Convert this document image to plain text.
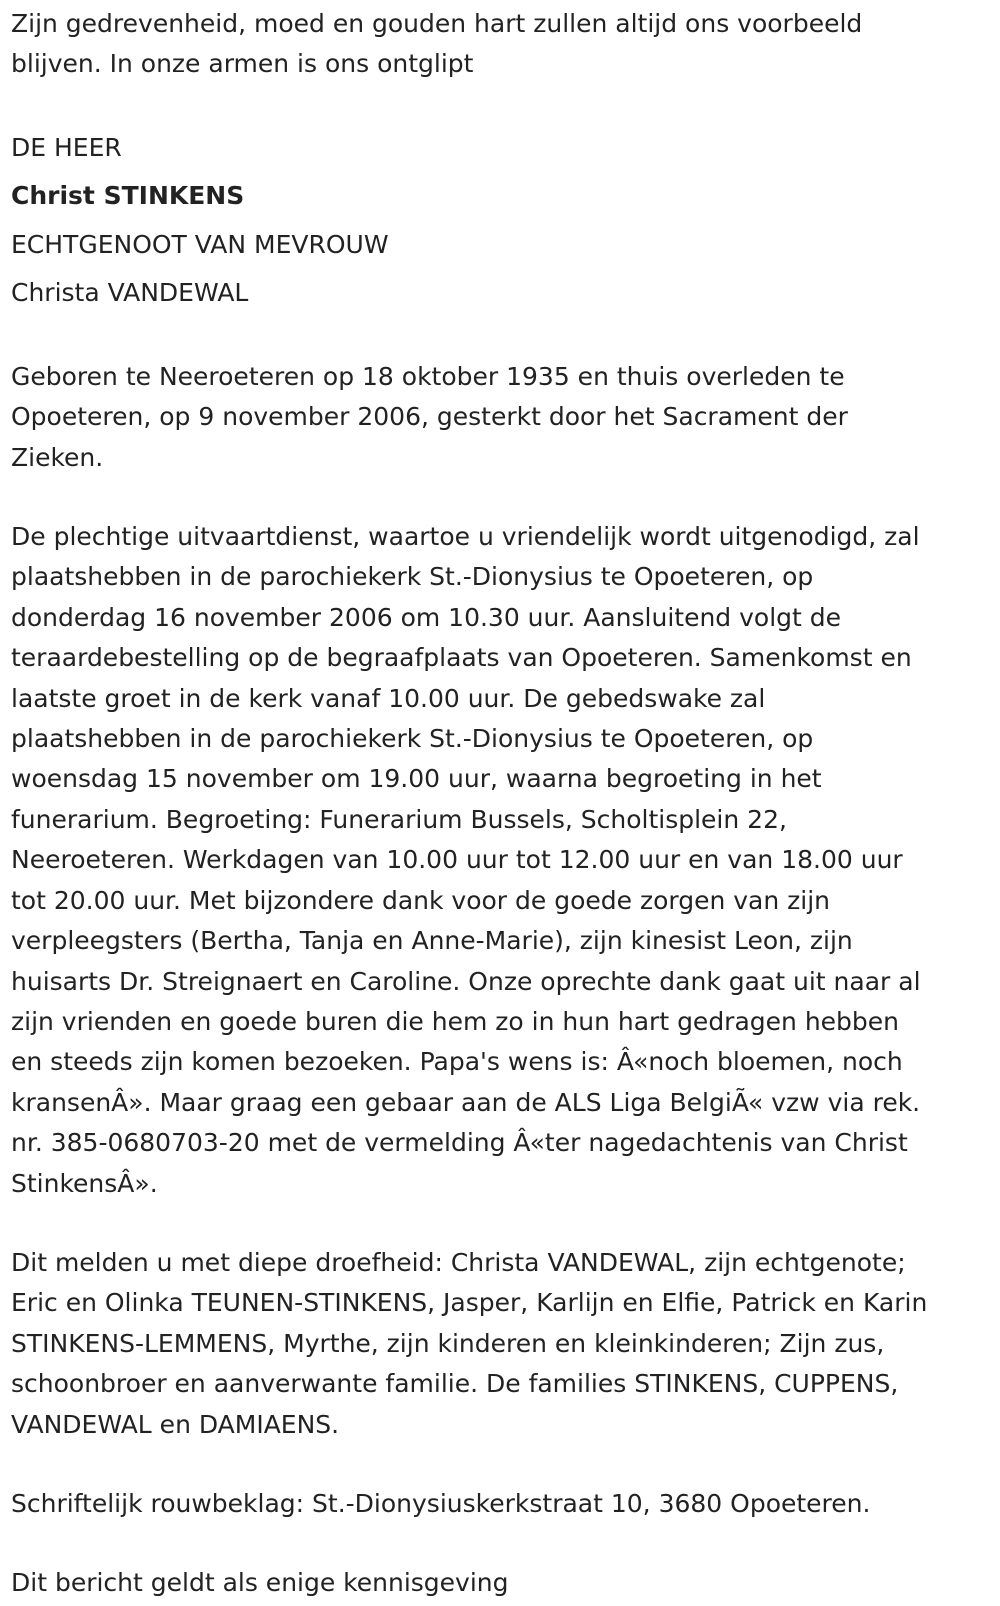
Zijn gedrevenheid, moed en gouden hart zullen altijd ons voorbeeld
blijven. In onze armen is ons ontglipt

DE HEER

Christ STINKENS

ECHTGENOOT VAN MEVROUW

Christa VANDEWAL

Geboren te Neeroeteren op 18 oktober 1935 en thuis overleden te
Opoeteren, op 9 november 2006, gesterkt door het Sacrament der
Zieken.

De plechtige uitvaartdienst, waartoe u vriendelijk wordt uitgenodigd, zal
plaatshebben in de parochiekerk St.-Dionysius te Opoeteren, op
donderdag 16 november 2006 om 10.30 uur. Aansluitend volgt de
teraardebestelling op de begraafplaats van Opoeteren. Samenkomst en
laatste groet in de kerk vanaf 10.00 uur. De gebedswake zal
plaatshebben in de parochiekerk St.-Dionysius te Opoeteren, op
woensdag 15 november om 19.00 uur, waarna begroeting in het
funerarium. Begroeting: Funerarium Bussels, Scholtisplein 22,
Neeroeteren. Werkdagen van 10.00 uur tot 12.00 uur en van 18.00 uur
tot 20.00 uur. Met bijzondere dank voor de goede zorgen van zijn
verpleegsters (Bertha, Tanja en Anne-Marie), zijn kinesist Leon, zijn
huisarts Dr. Streignaert en Caroline. Onze oprechte dank gaat uit naar al
zijn vrienden en goede buren die hem zo in hun hart gedragen hebben
en steeds zijn komen bezoeken. Papa's wens is: Â«noch bloemen, noch
kransenÂ». Maar graag een gebaar aan de ALS Liga BelgiÃ« vzw via rek.
nr. 385-0680703-20 met de vermelding Â«ter nagedachtenis van Christ
StinkensÂ».

Dit melden u met diepe droefheid: Christa VANDEWAL, zijn echtgenote;
Eric en Olinka TEUNEN-STINKENS, Jasper, Karlijn en Elfie, Patrick en Karin
STINKENS-LEMMENS, Myrthe, zijn kinderen en kleinkinderen; Zijn zus,
schoonbroer en aanverwante familie. De families STINKENS, CUPPENS,
VANDEWAL en DAMIAENS.

Schriftelijk rouwbeklag: St.-Dionysiuskerkstraat 10, 3680 Opoeteren.

Dit bericht geldt als enige kennisgeving
